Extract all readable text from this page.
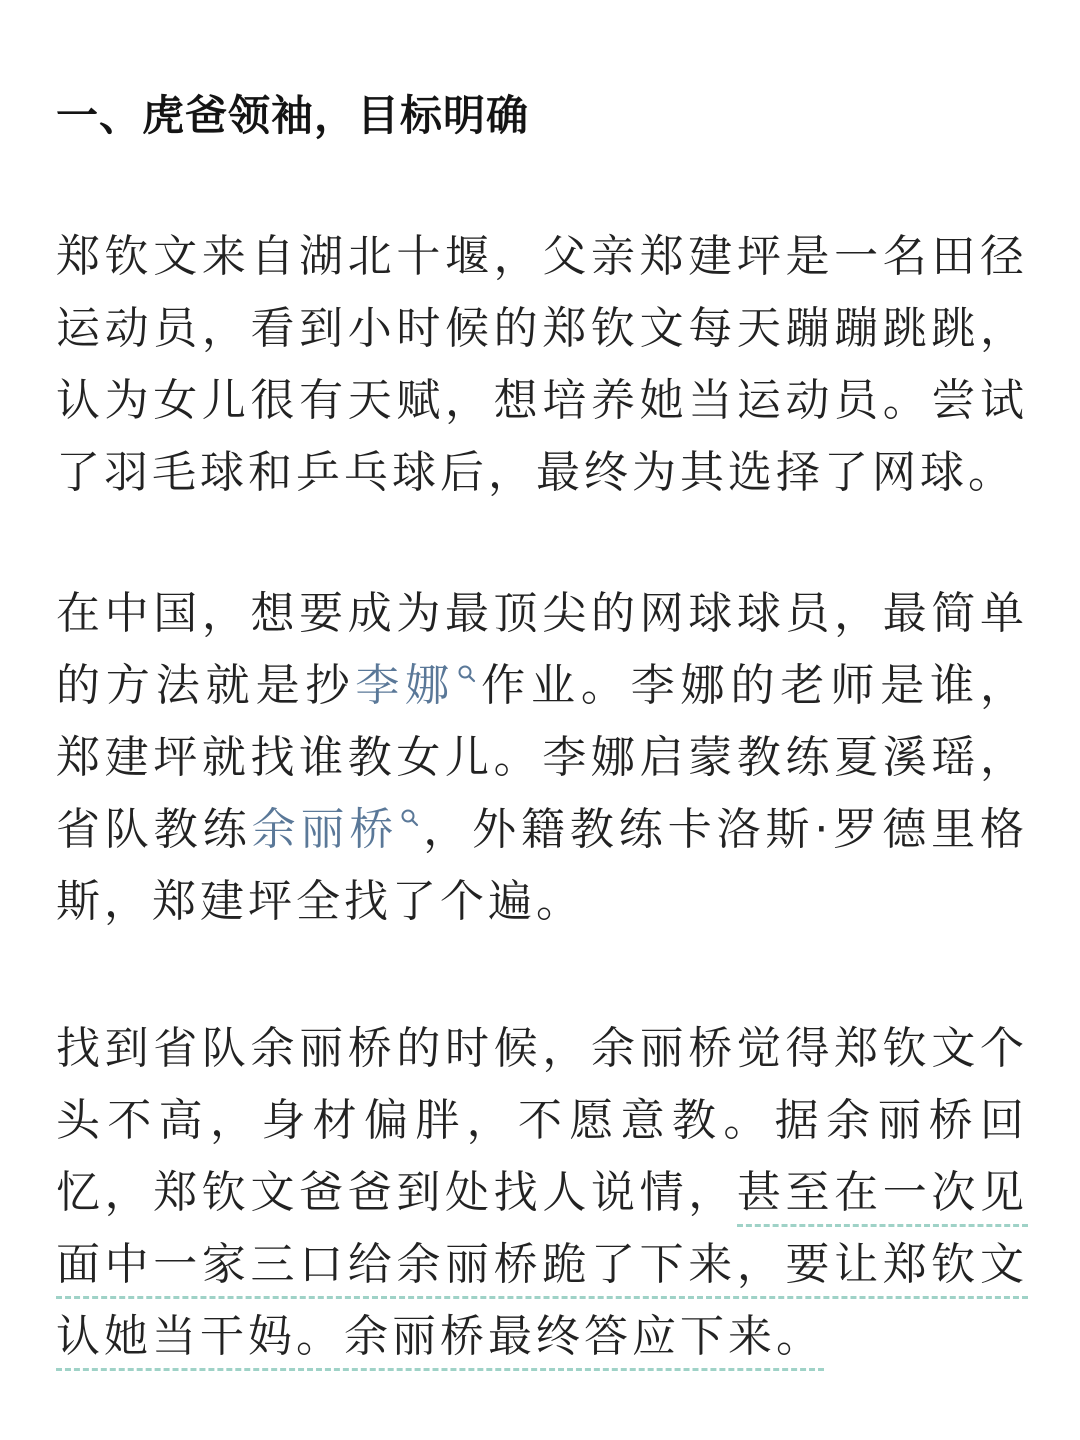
一、虎爸领袖，目标明确

郑钦文来自湖北十堰，父亲郑建坪是一名田径运动员，看到小时候的郑钦文每天蹦蹦跳跳，认为女儿很有天赋，想培养她当运动员。尝试了羽毛球和乒乓球后，最终为其选择了网球。

在中国，想要成为最顶尖的网球球员，最简单的方法就是抄李娜 作业。李娜的老师是谁，郑建坪就找谁教女儿。李娜启蒙教练夏溪瑶，省队教练余丽桥 ，外籍教练卡洛斯·罗德里格斯，郑建坪全找了个遍。

找到省队余丽桥的时候，余丽桥觉得郑钦文个头不高，身材偏胖，不愿意教。据余丽桥回忆，郑钦文爸爸到处找人说情，甚至在一次见面中一家三口给余丽桥跪了下来，要让郑钦文认她当干妈。余丽桥最终答应下来。
